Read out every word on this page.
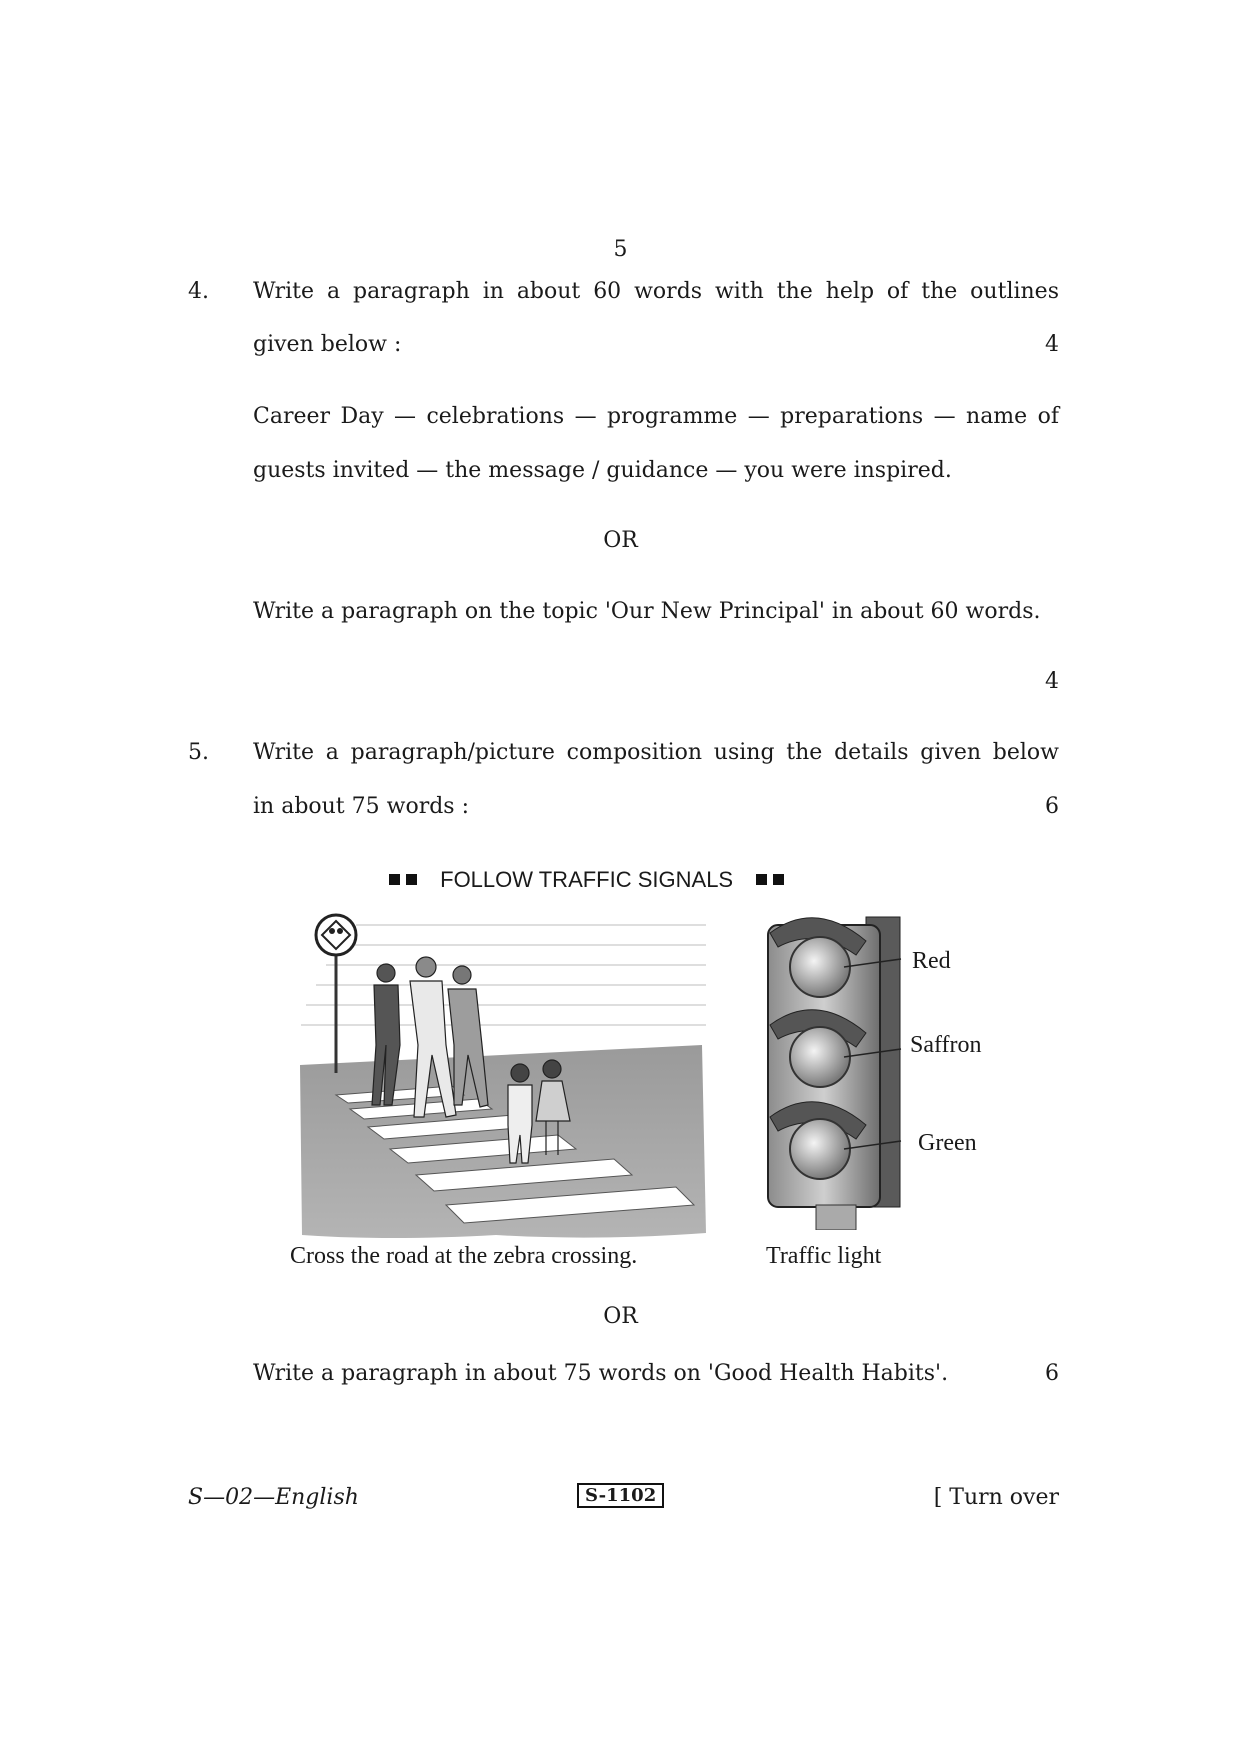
5
4. Write a paragraph in about 60 words with the help of the outlines
given below :	4
Career Day — celebrations — programme — preparations — name of
guests invited — the message / guidance — you were inspired.
OR
Write a paragraph on the topic 'Our New Principal' in about 60 words.
4
5. Write a paragraph/picture composition using the details given below
in about 75 words :	6
FOLLOW TRAFFIC SIGNALS
Red
Saffron
Green
Cross the road at the zebra crossing.	Traffic light
OR
Write a paragraph in about 75 words on 'Good Health Habits'.	6
S—02—English	S-1102	[ Turn over
